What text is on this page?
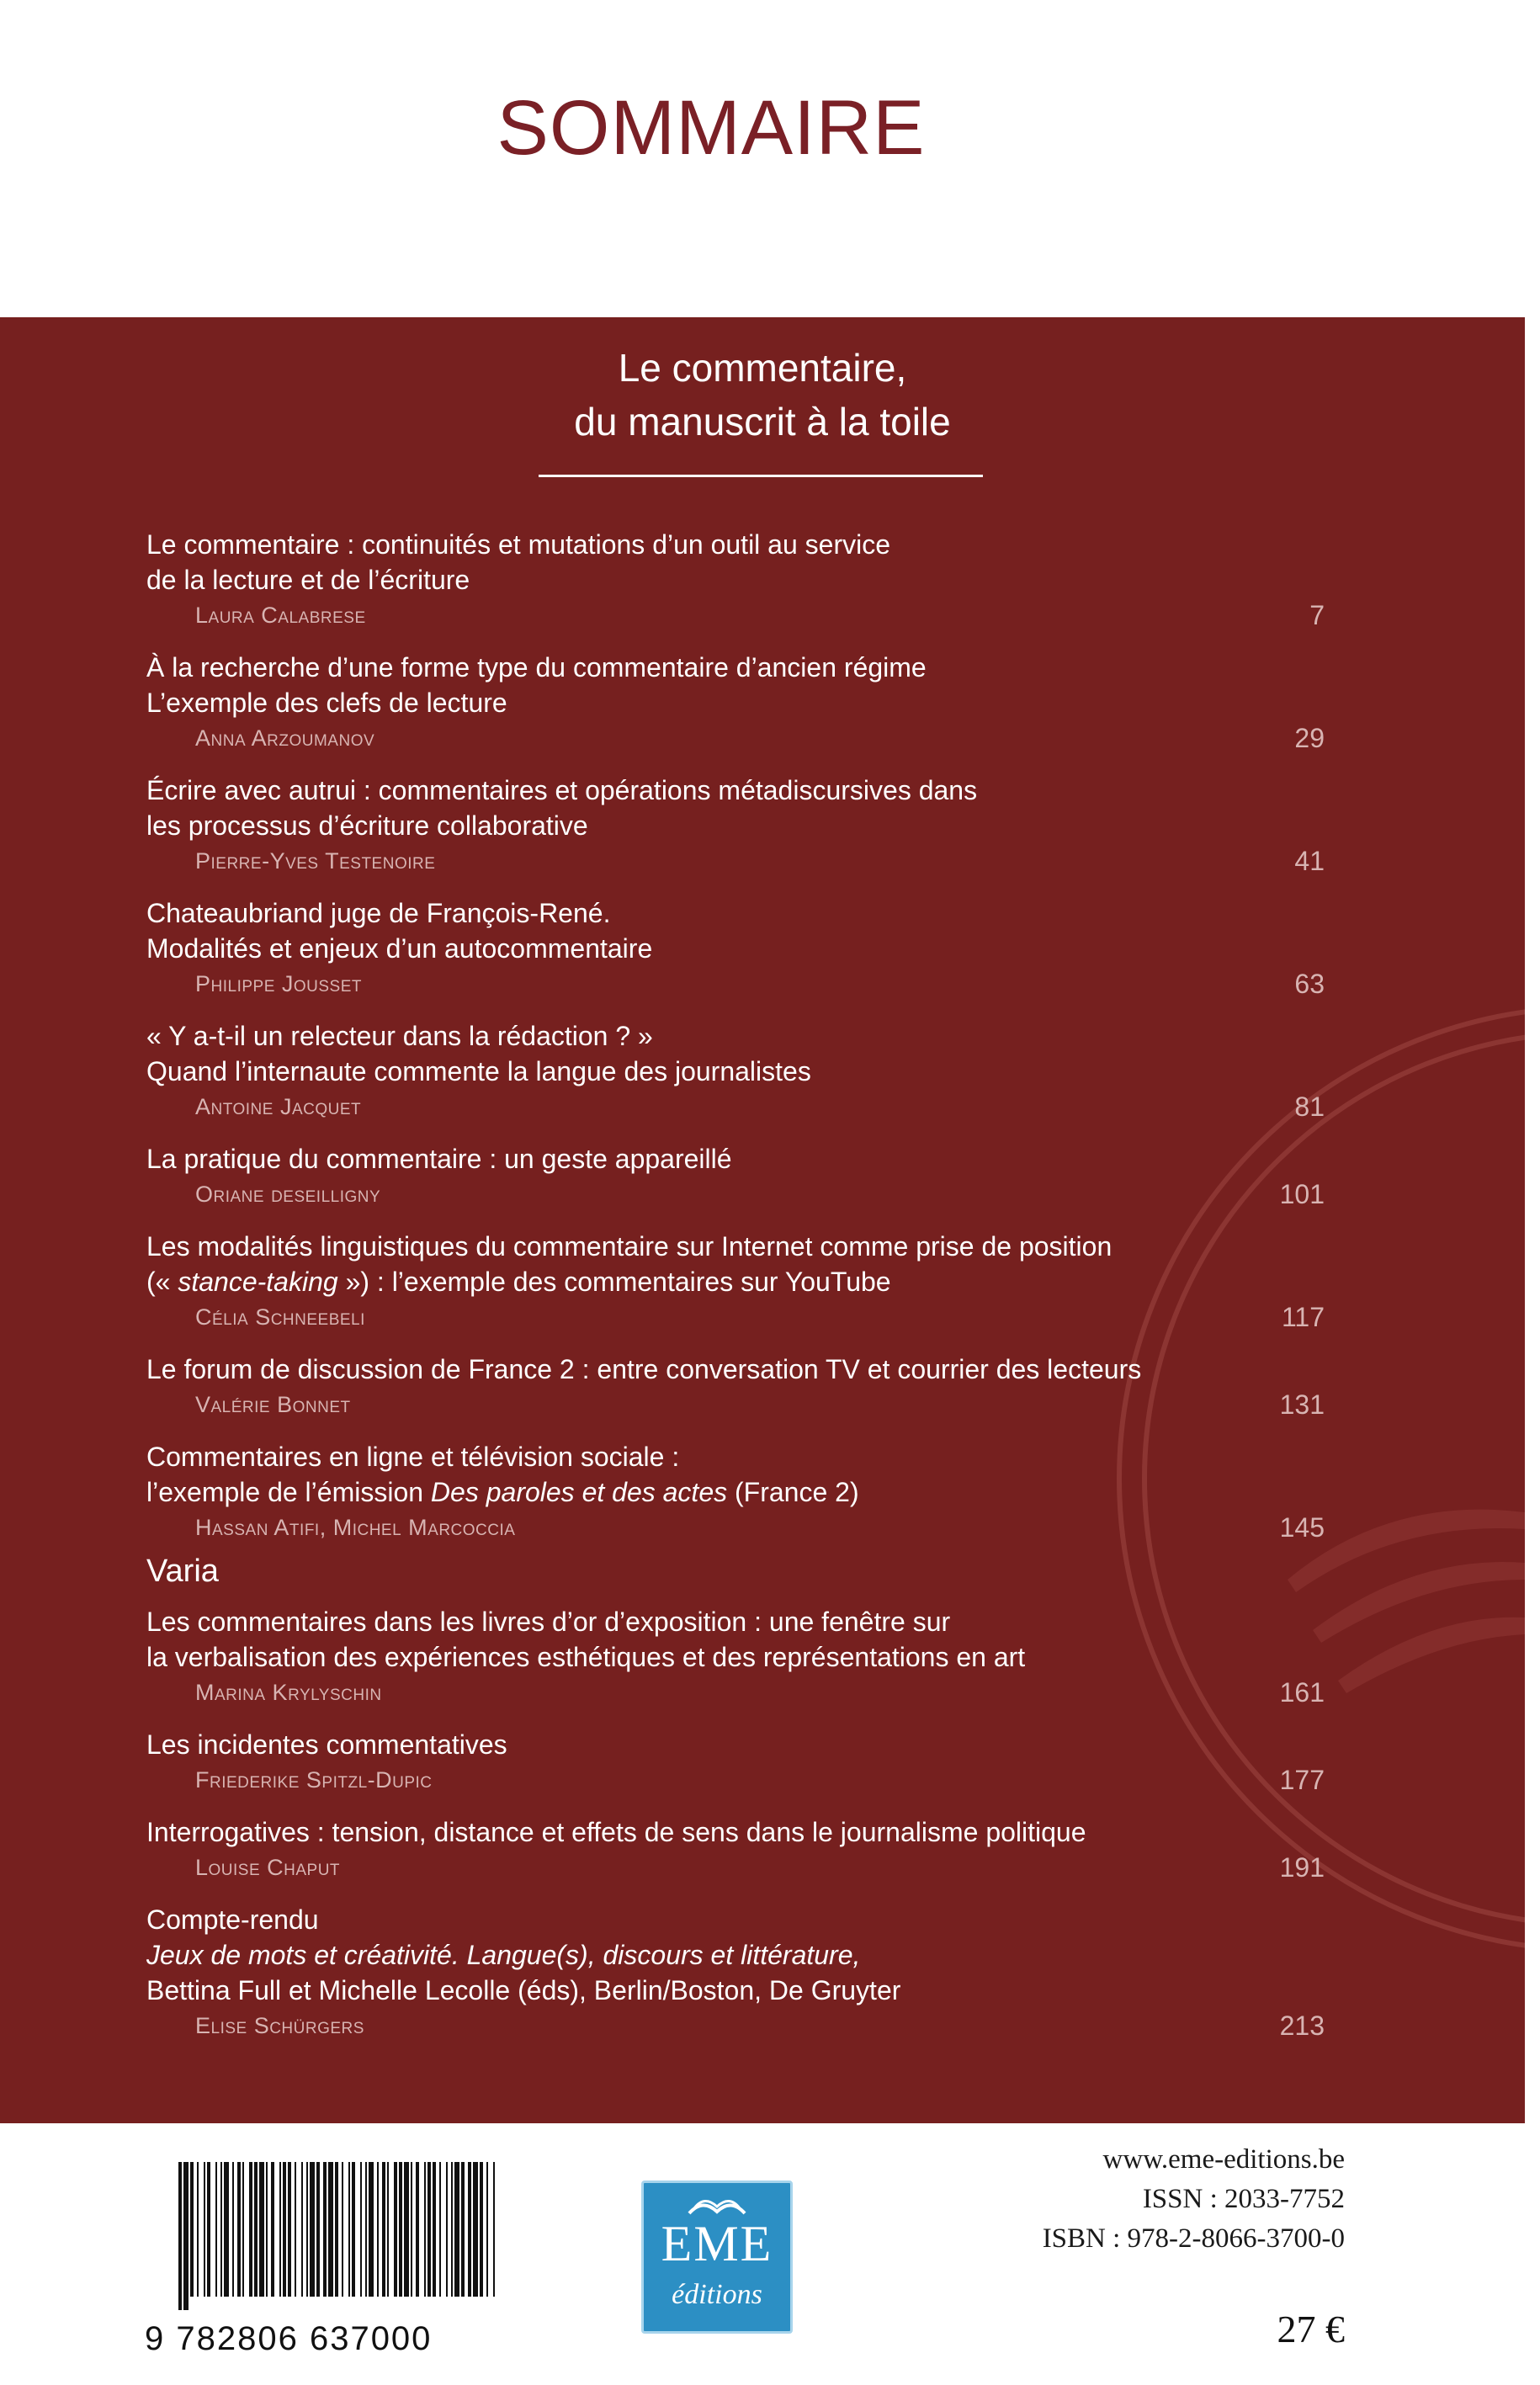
SOMMAIRE
Le commentaire,
du manuscrit à la toile

Le commentaire : continuités et mutations d’un outil au service
de la lecture et de l’écriture

Laura Calabrese	7

À la recherche d’une forme type du commentaire d’ancien régime
L’exemple des clefs de lecture

Anna Arzoumanov	29

Écrire avec autrui : commentaires et opérations métadiscursives dans
les processus d’écriture collaborative

Pierre-Yves Testenoire	41

Chateaubriand juge de François-René.
Modalités et enjeux d’un autocommentaire

Philippe Jousset	63

« Y a-t-il un relecteur dans la rédaction ? »
Quand l’internaute commente la langue des journalistes

Antoine Jacquet	81

La pratique du commentaire : un geste appareillé

Oriane deseilligny	101

Les modalités linguistiques du commentaire sur Internet comme prise de position
(« stance-taking ») : l’exemple des commentaires sur YouTube

Célia Schneebeli	117

Le forum de discussion de France 2 : entre conversation TV et courrier des lecteurs

Valérie Bonnet	131

Commentaires en ligne et télévision sociale :
l’exemple de l’émission Des paroles et des actes (France 2)

Hassan Atifi, Michel Marcoccia	145
Varia

Les commentaires dans les livres d’or d’exposition : une fenêtre sur
la verbalisation des expériences esthétiques et des représentations en art

Marina Krylyschin	161

Les incidentes commentatives

Friederike Spitzl-Dupic	177

Interrogatives : tension, distance et effets de sens dans le journalisme politique

Louise Chaput	191

Compte-rendu
Jeux de mots et créativité. Langue(s), discours et littérature,
Bettina Full et Michelle Lecolle (éds), Berlin/Boston, De Gruyter

Elise Schürgers	213
9 782806 637000
EME
éditions
www.eme-editions.be
ISSN : 2033-7752
ISBN : 978-2-8066-3700-0
27 €
